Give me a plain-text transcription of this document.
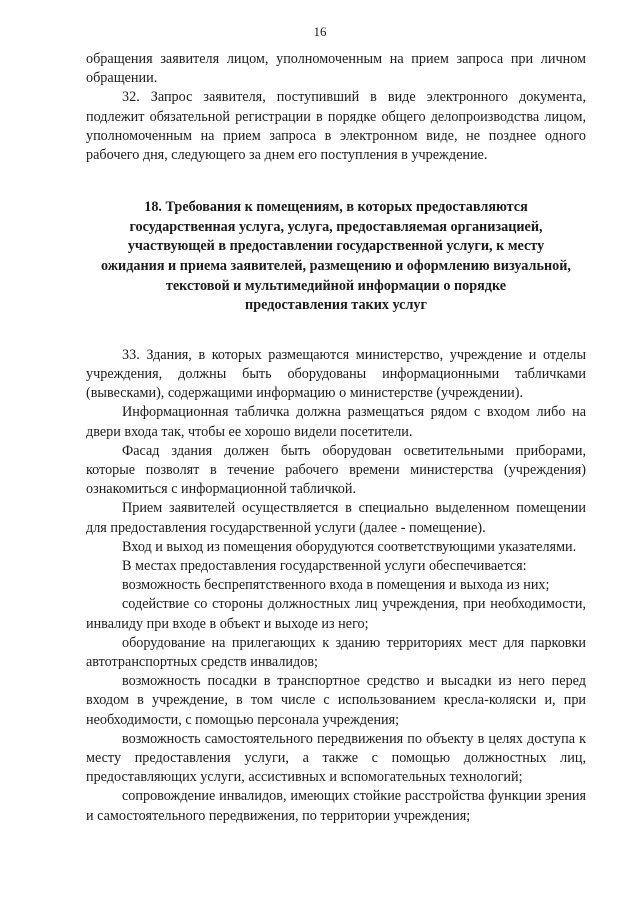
16

обращения заявителя лицом, уполномоченным на прием запроса при личном обращении.

32. Запрос заявителя, поступивший в виде электронного документа, подлежит обязательной регистрации в порядке общего делопроизводства лицом, уполномоченным на прием запроса в электронном виде, не позднее одного рабочего дня, следующего за днем его поступления в учреждение.

18. Требования к помещениям, в которых предоставляются
государственная услуга, услуга, предоставляемая организацией,
участвующей в предоставлении государственной услуги, к месту
ожидания и приема заявителей, размещению и оформлению визуальной,
текстовой и мультимедийной информации о порядке
предоставления таких услуг

33. Здания, в которых размещаются министерство, учреждение и отделы учреждения, должны быть оборудованы информационными табличками (вывесками), содержащими информацию о министерстве (учреждении).

Информационная табличка должна размещаться рядом с входом либо на двери входа так, чтобы ее хорошо видели посетители.

Фасад здания должен быть оборудован осветительными приборами, которые позволят в течение рабочего времени министерства (учреждения) ознакомиться с информационной табличкой.

Прием заявителей осуществляется в специально выделенном помещении для предоставления государственной услуги (далее - помещение).

Вход и выход из помещения оборудуются соответствующими указателями.

В местах предоставления государственной услуги обеспечивается:

возможность беспрепятственного входа в помещения и выхода из них;

содействие со стороны должностных лиц учреждения, при необходимости, инвалиду при входе в объект и выходе из него;

оборудование на прилегающих к зданию территориях мест для парковки автотранспортных средств инвалидов;

возможность посадки в транспортное средство и высадки из него перед входом в учреждение, в том числе с использованием кресла-коляски и, при необходимости, с помощью персонала учреждения;

возможность самостоятельного передвижения по объекту в целях доступа к месту предоставления услуги, а также с помощью должностных лиц, предоставляющих услуги, ассистивных и вспомогательных технологий;

сопровождение инвалидов, имеющих стойкие расстройства функции зрения и самостоятельного передвижения, по территории учреждения;
